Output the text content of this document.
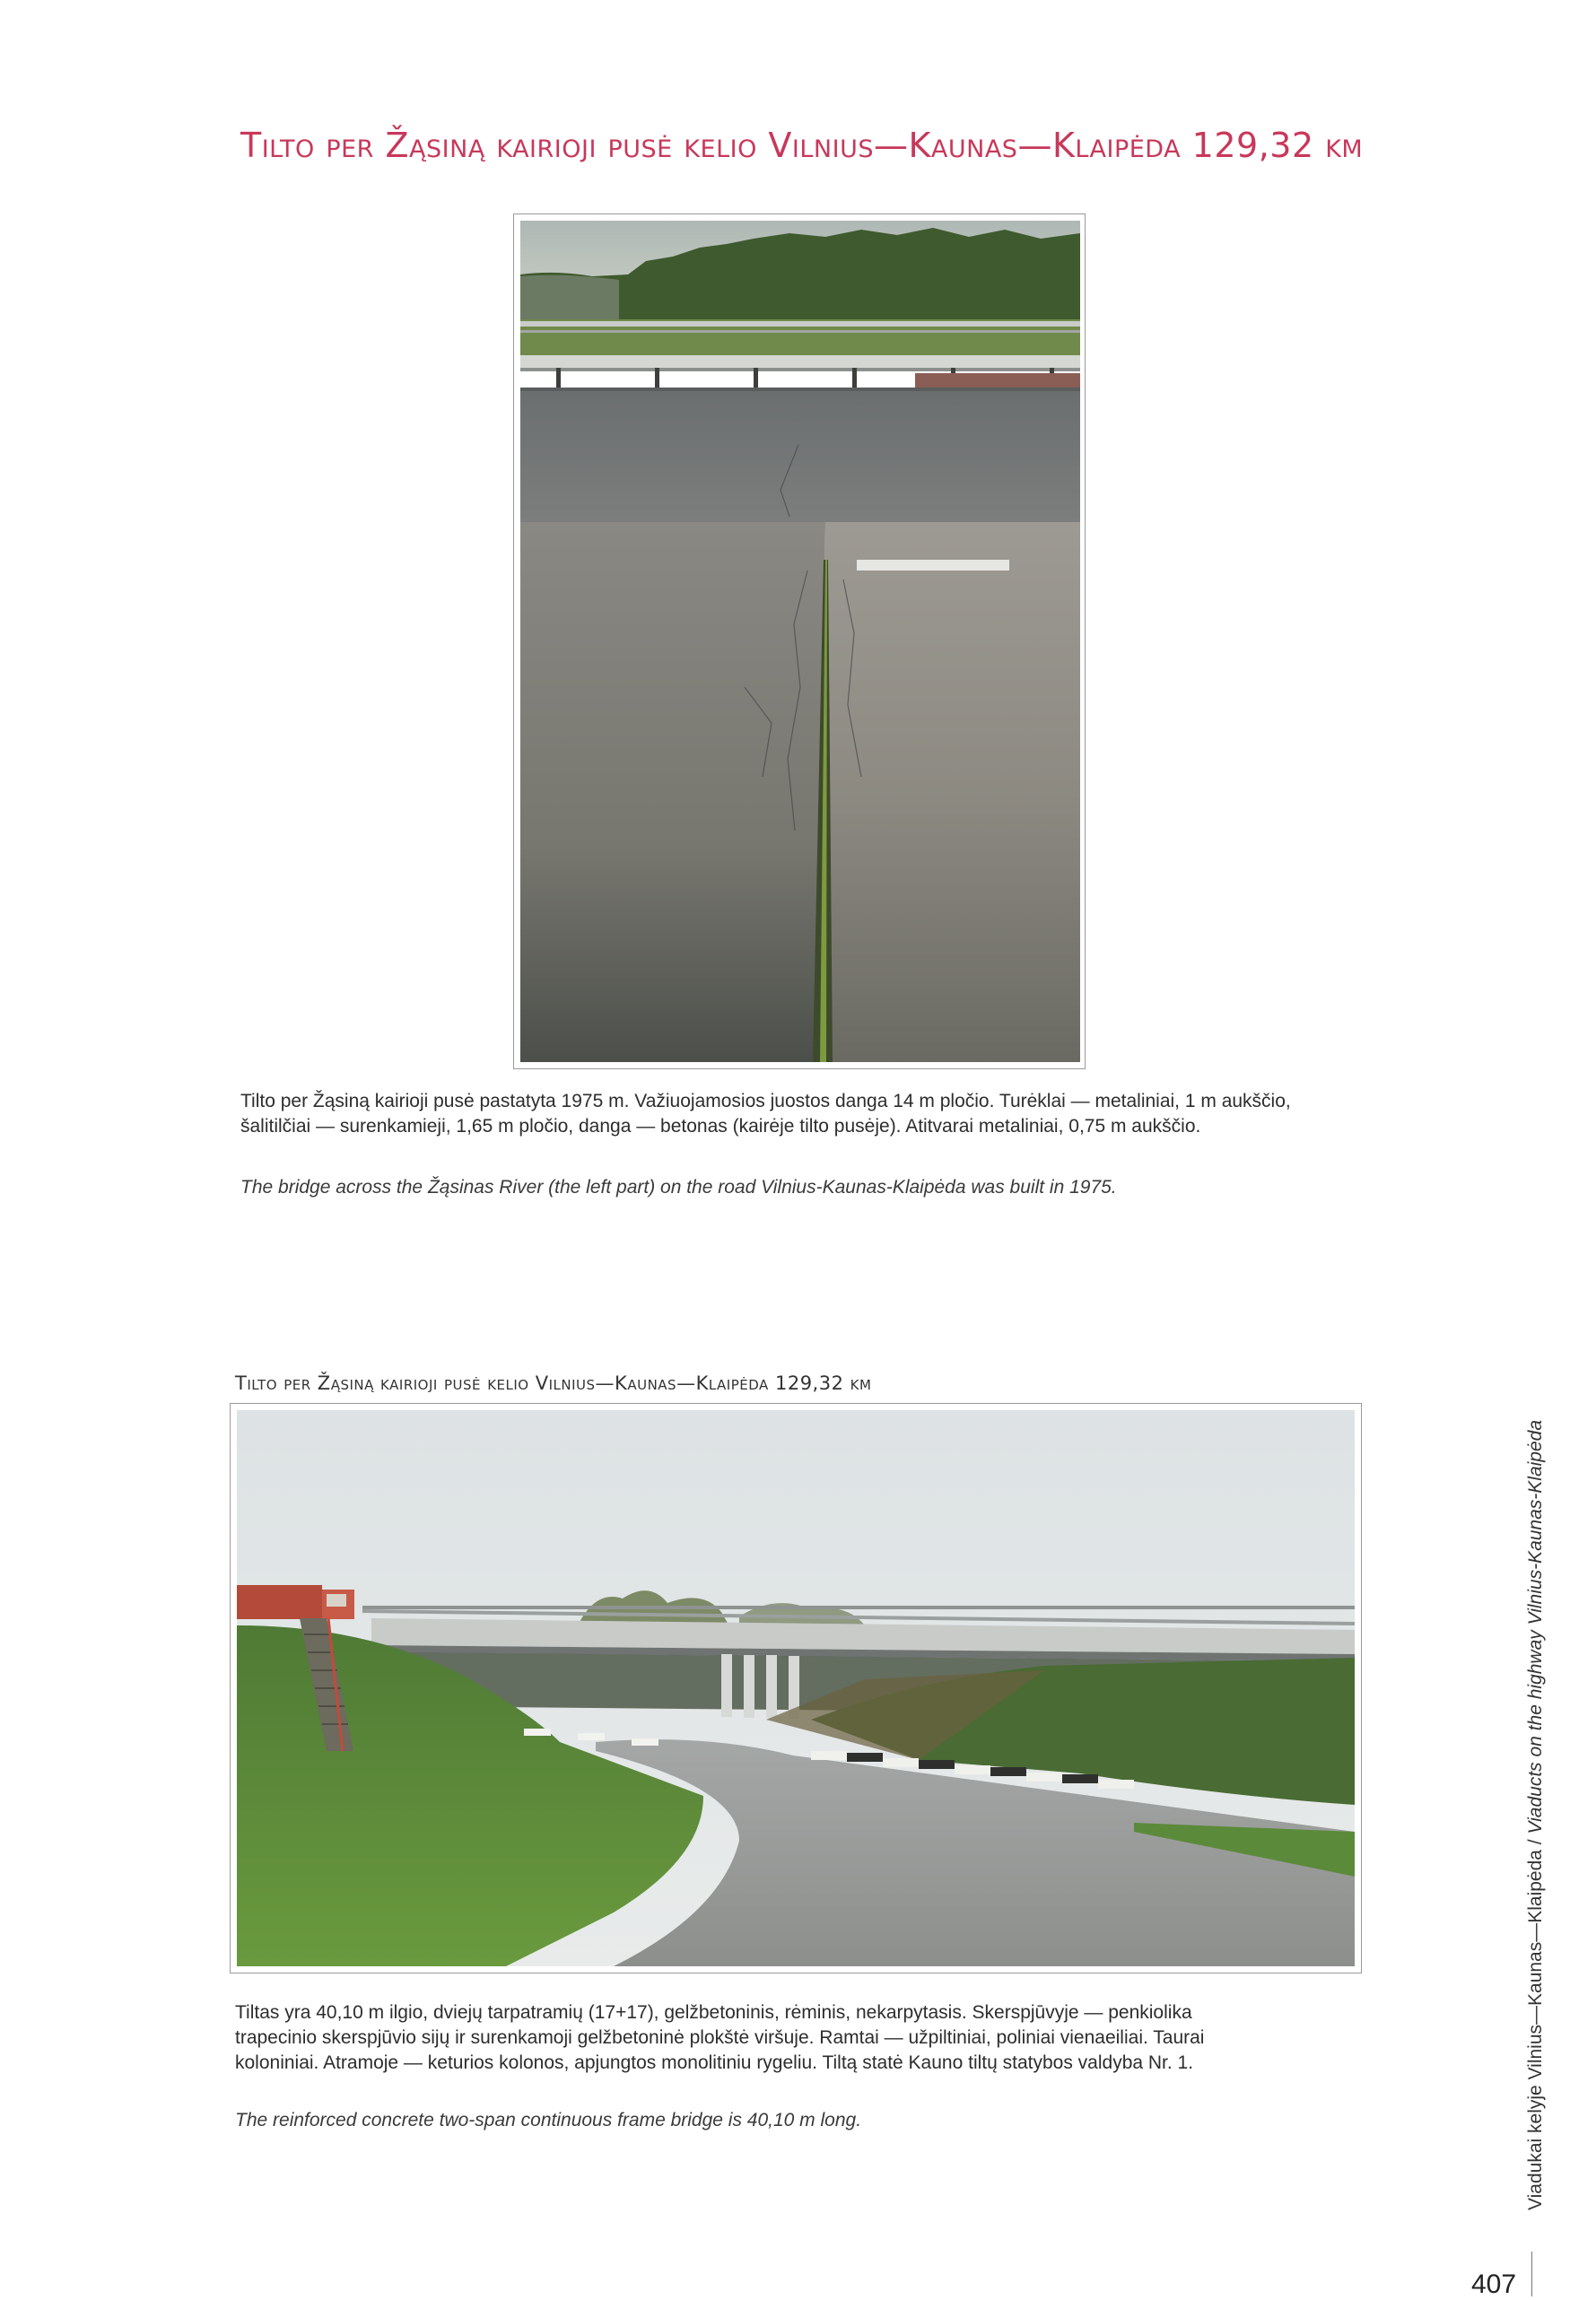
Tilto per Žąsiną kairioji pusė kelio Vilnius—Kaunas—Klaipėda 129,32 km
Tilto per Žąsiną kairioji pusė pastatyta 1975 m. Važiuojamosios juostos danga 14 m pločio. Turėklai — metaliniai, 1 m aukščio,
šalitilčiai — surenkamieji, 1,65 m pločio, danga — betonas (kairėje tilto pusėje). Atitvarai metaliniai, 0,75 m aukščio.
The bridge across the Žąsinas River (the left part) on the road Vilnius-Kaunas-Klaipėda was built in 1975.
Tilto per Žąsiną kairioji pusė kelio Vilnius—Kaunas—Klaipėda 129,32 km
Tiltas yra 40,10 m ilgio, dviejų tarpatramių (17+17), gelžbetoninis, rėminis, nekarpytasis. Skerspjūvyje — penkiolika
trapecinio skerspjūvio sijų ir surenkamoji gelžbetoninė plokštė viršuje. Ramtai — užpiltiniai, poliniai vienaeiliai. Taurai
koloniniai. Atramoje — keturios kolonos, apjungtos monolitiniu rygeliu. Tiltą statė Kauno tiltų statybos valdyba Nr. 1.
The reinforced concrete two-span continuous frame bridge is 40,10 m long.	Viadukai kelyje Vilnius—Kaunas—Klaipėda / Viaducts on the highway Vilnius-Kaunas-Klaipėda
407
